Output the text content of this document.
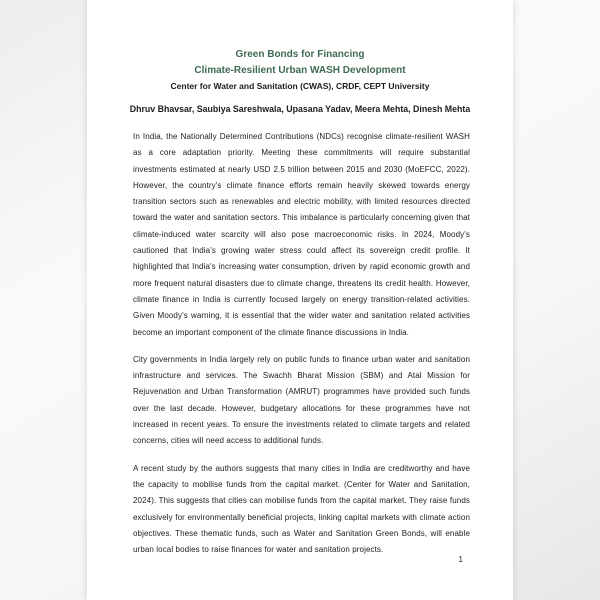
Green Bonds for Financing
Climate-Resilient Urban WASH Development
Center for Water and Sanitation (CWAS), CRDF, CEPT University
Dhruv Bhavsar, Saubiya Sareshwala, Upasana Yadav, Meera Mehta, Dinesh Mehta

In India, the Nationally Determined Contributions (NDCs) recognise climate-resilient WASH as a core adaptation priority. Meeting these commitments will require substantial investments estimated at nearly USD 2.5 trillion between 2015 and 2030 (MoEFCC, 2022). However, the country's climate finance efforts remain heavily skewed towards energy transition sectors such as renewables and electric mobility, with limited resources directed toward the water and sanitation sectors. This imbalance is particularly concerning given that climate-induced water scarcity will also pose macroeconomic risks. In 2024, Moody's cautioned that India's growing water stress could affect its sovereign credit profile. It highlighted that India's increasing water consumption, driven by rapid economic growth and more frequent natural disasters due to climate change, threatens its credit health. However, climate finance in India is currently focused largely on energy transition-related activities. Given Moody's warning, it is essential that the wider water and sanitation related activities become an important component of the climate finance discussions in India.

City governments in India largely rely on public funds to finance urban water and sanitation infrastructure and services. The Swachh Bharat Mission (SBM) and Atal Mission for Rejuvenation and Urban Transformation (AMRUT) programmes have provided such funds over the last decade. However, budgetary allocations for these programmes have not increased in recent years. To ensure the investments related to climate targets and related concerns, cities will need access to additional funds.

A recent study by the authors suggests that many cities in India are creditworthy and have the capacity to mobilise funds from the capital market. (Center for Water and Sanitation, 2024). This suggests that cities can mobilise funds from the capital market. They raise funds exclusively for environmentally beneficial projects, linking capital markets with climate action objectives. These thematic funds, such as Water and Sanitation Green Bonds, will enable urban local bodies to raise finances for water and sanitation projects.

1
